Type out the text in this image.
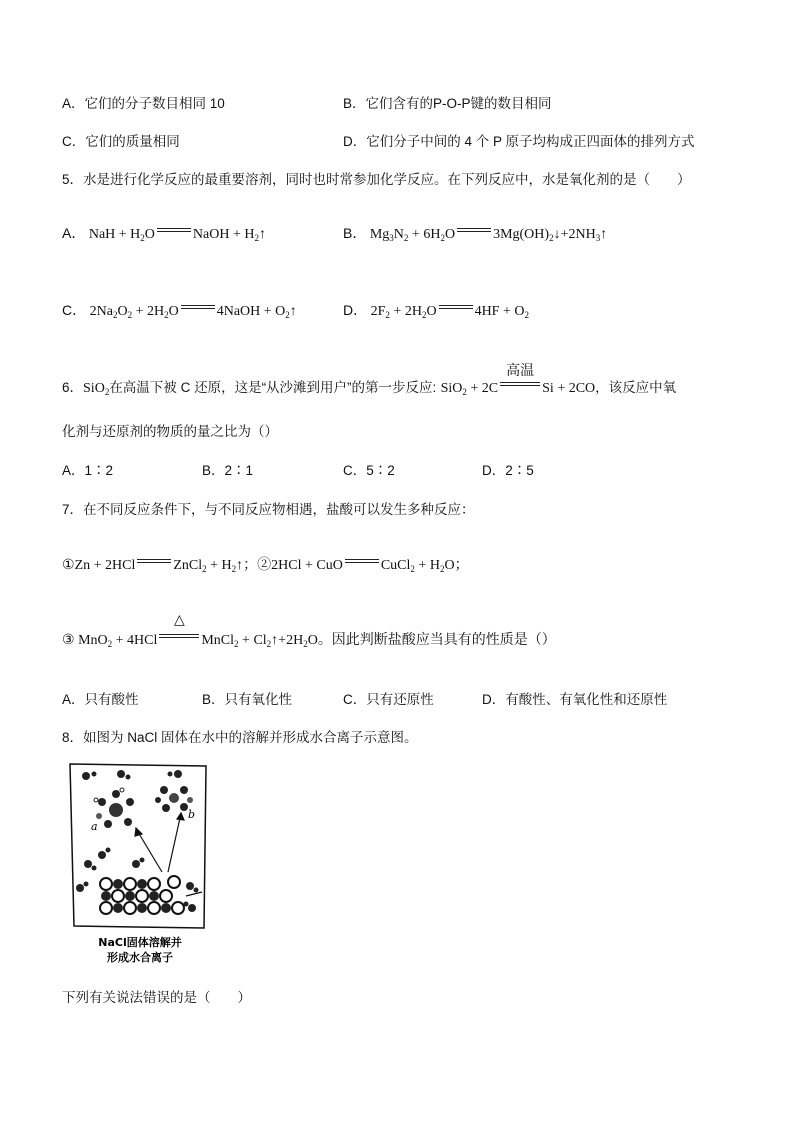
A．它们的分子数目相同 10	B．它们含有的P-O-P键的数目相同
C．它们的质量相同	D．它们分子中间的 4 个 P 原子均构成正四面体的排列方式
5．水是进行化学反应的最重要溶剂，同时也时常参加化学反应。在下列反应中，水是氧化剂的是（　　）
A． NaH + $H_2O$	NaOH + $H_2↑$	B． $Mg_3N_2 + 6H_2O$	$3Mg(OH)_2↓+2NH_3↑$
C． $2Na_2O_2 + 2H_2O$	4NaOH + $O_2↑$	D． $2F_2 + 2H_2O$	$4HF + O_2$
6．SiO$_2$在高温下被 C 还原，这是“从沙滩到用户”的第一步反应: SiO$_2$ + 2C
高温
Si + 2CO，该反应中氧
化剂与还原剂的物质的量之比为（）
A．1∶2	B．2∶1	C．5∶2	D．2∶5
7．在不同反应条件下，与不同反应物相遇，盐酸可以发生多种反应：
①Zn + 2HCl	ZnCl$_2$ + $H_2↑$；②2HCl + CuO	CuCl$_2$ + $H_2O$；
③ MnO$_2$ + 4HCl
△
MnCl$_2$ + $Cl_2↑+2H_2O$。因此判断盐酸应当具有的性质是（）
A．只有酸性	B．只有氧化性	C．只有还原性	D．有酸性、有氧化性和还原性
8．如图为 NaCl 固体在水中的溶解并形成水合离子示意图。
a
b
NaCl固体溶解并
形成水合离子
下列有关说法错误的是（　　）
